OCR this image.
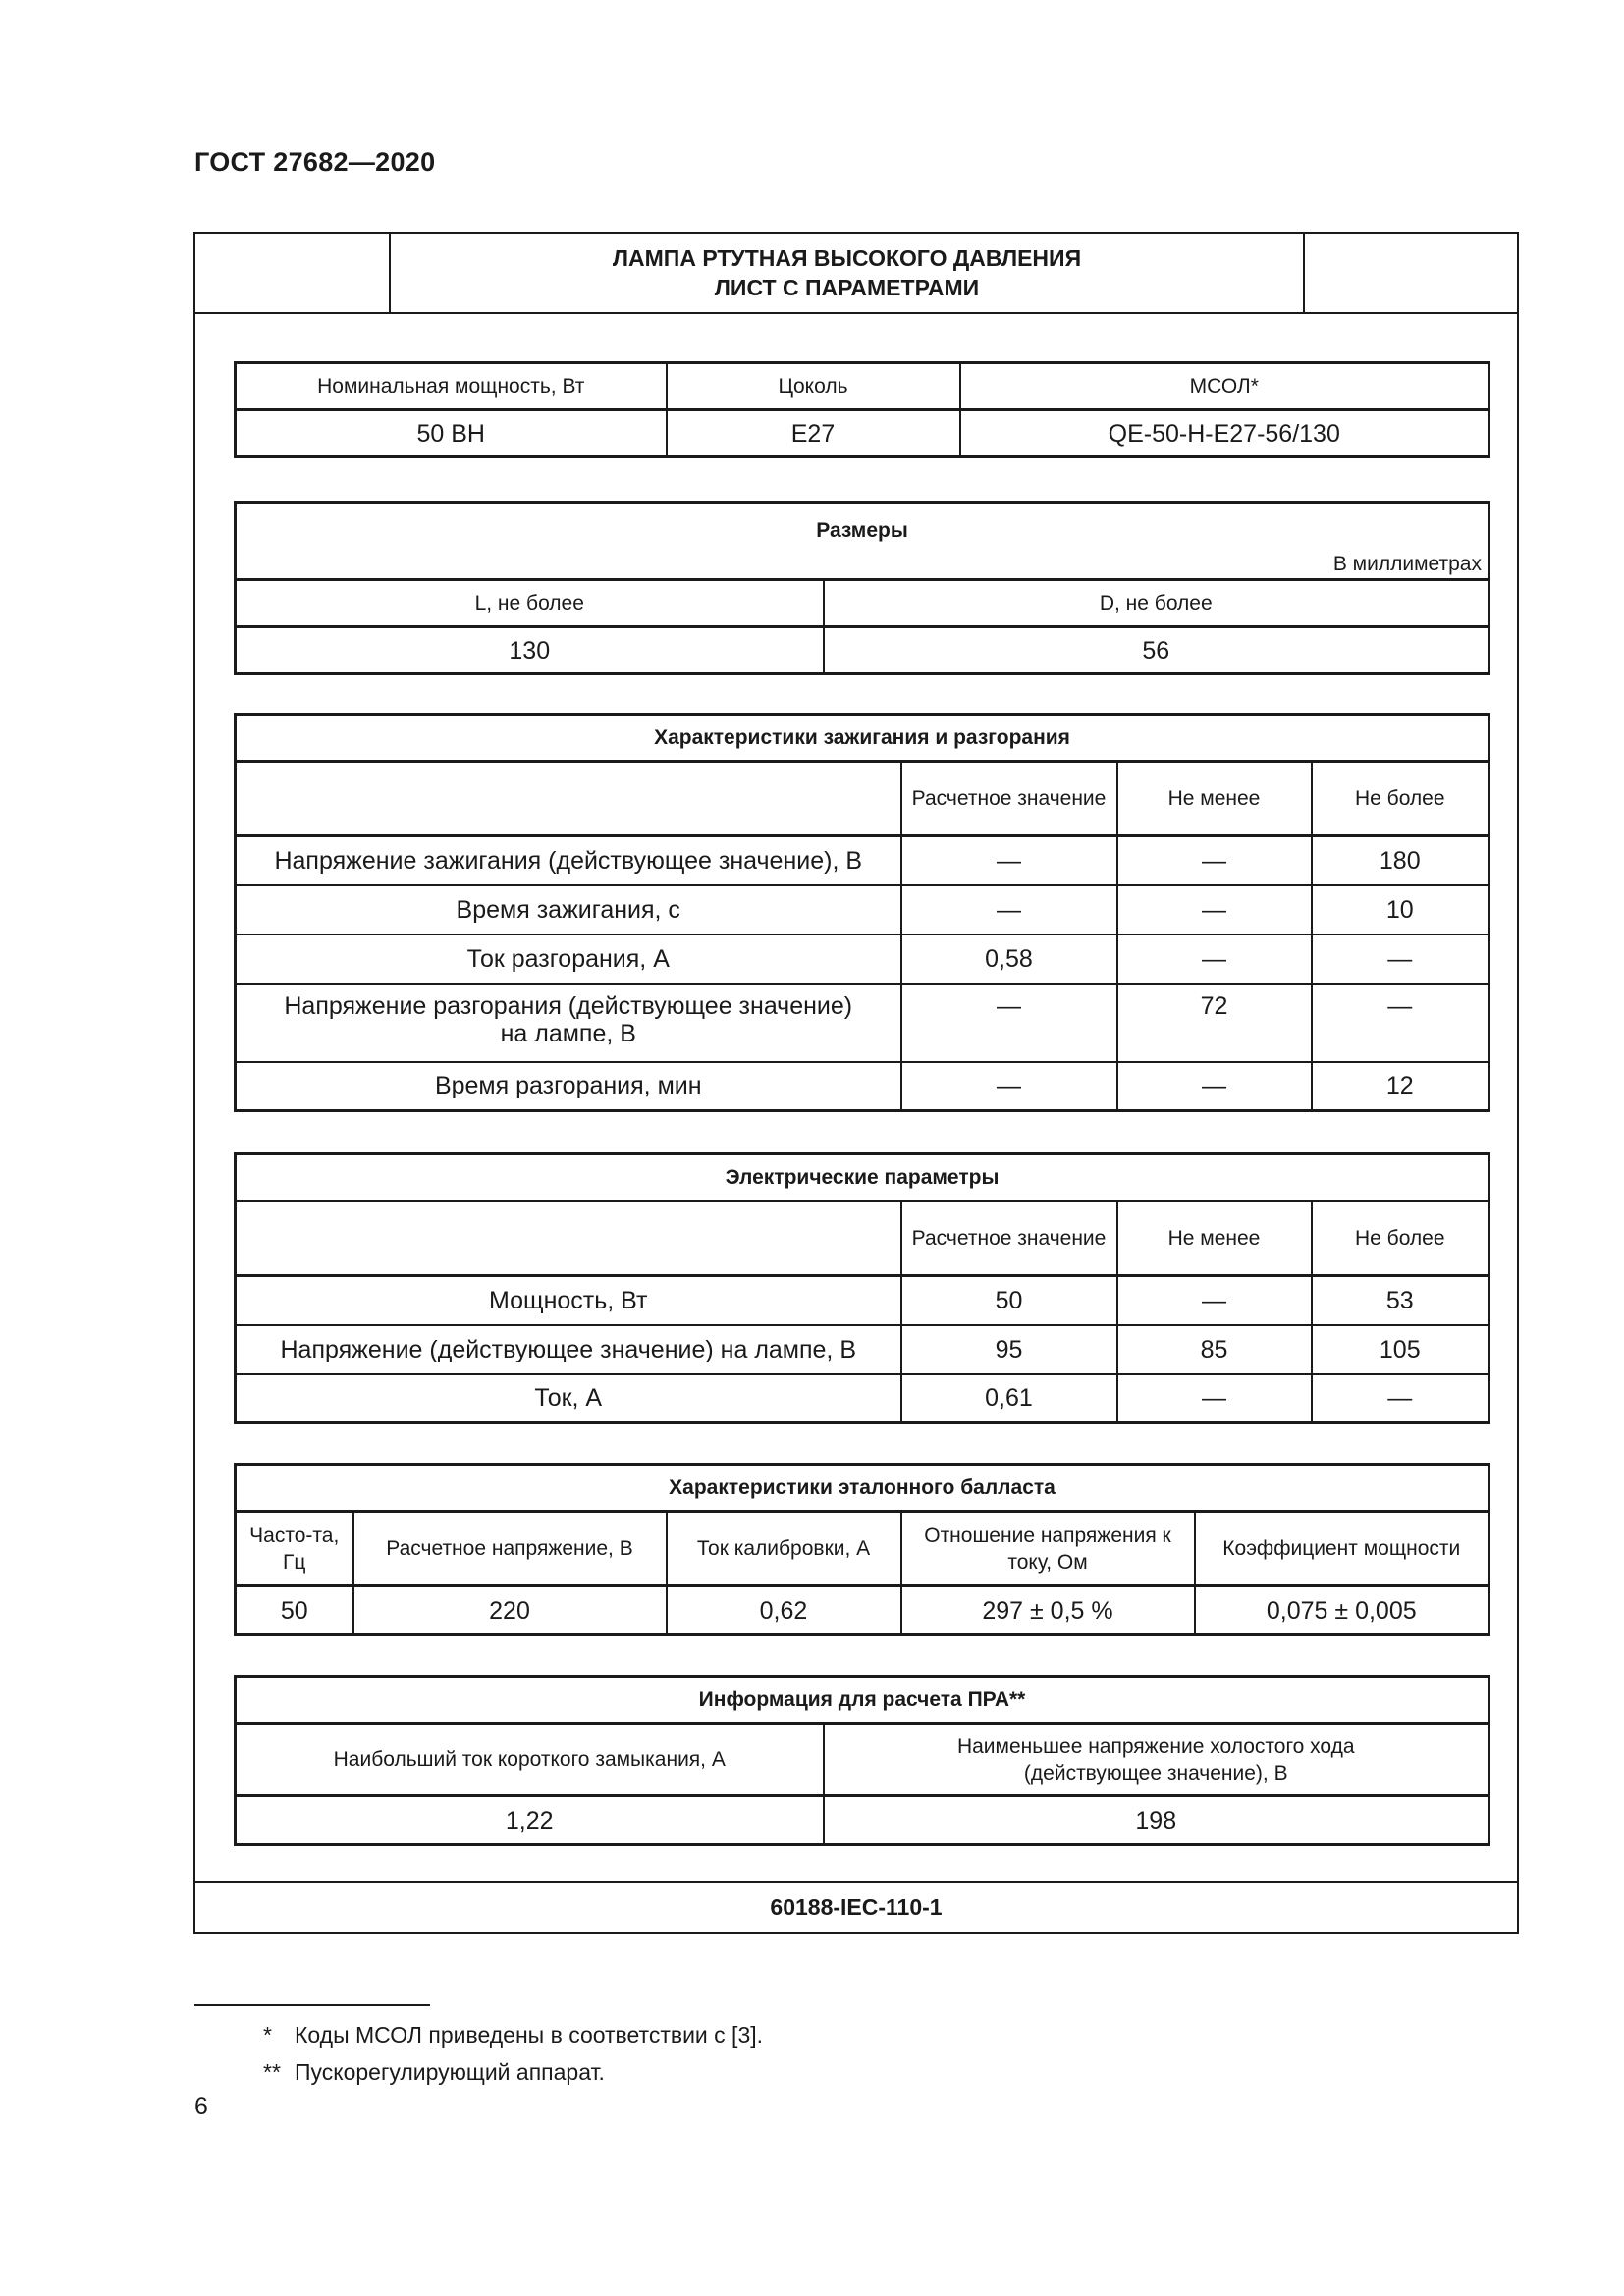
ГОСТ 27682—2020
ЛАМПА РТУТНАЯ ВЫСОКОГО ДАВЛЕНИЯ
ЛИСТ С ПАРАМЕТРАМИ
60188-IEC-110-1
Номинальная мощность, Вт	Цоколь	МСОЛ*
50 ВН	E27	QE-50-H-E27-56/130
Размеры
В миллиметрах	

L, не более	D, не более
130	56
Характеристики зажигания и разгорания			
	Расчетное значение	Не менее	Не более
Напряжение зажигания (действующее значение), В	—	—	180
Время зажигания, с	—	—	10
Ток разгорания, А	0,58	—	—
Напряжение разгорания (действующее значение) на лампе, В	—	72	—
Время разгорания, мин	—	—	12
Электрические параметры			
	Расчетное значение	Не менее	Не более
Мощность, Вт	50	—	53
Напряжение (действующее значение) на лампе, В	95	85	105
Ток, А	0,61	—	—
Характеристики эталонного балласта				
Часто-та, Гц	Расчетное напряжение, В	Ток калибровки, А	Отношение напряжения к току, Ом	Коэффициент мощности
50	220	0,62	297 ± 0,5 %	0,075 ± 0,005
Информация для расчета ПРА**	
Наибольший ток короткого замыкания, А	Наименьшее напряжение холостого хода (действующее значение), В
1,22	198
* Коды МСОЛ приведены в соответствии с [3].
** Пускорегулирующий аппарат.
6
